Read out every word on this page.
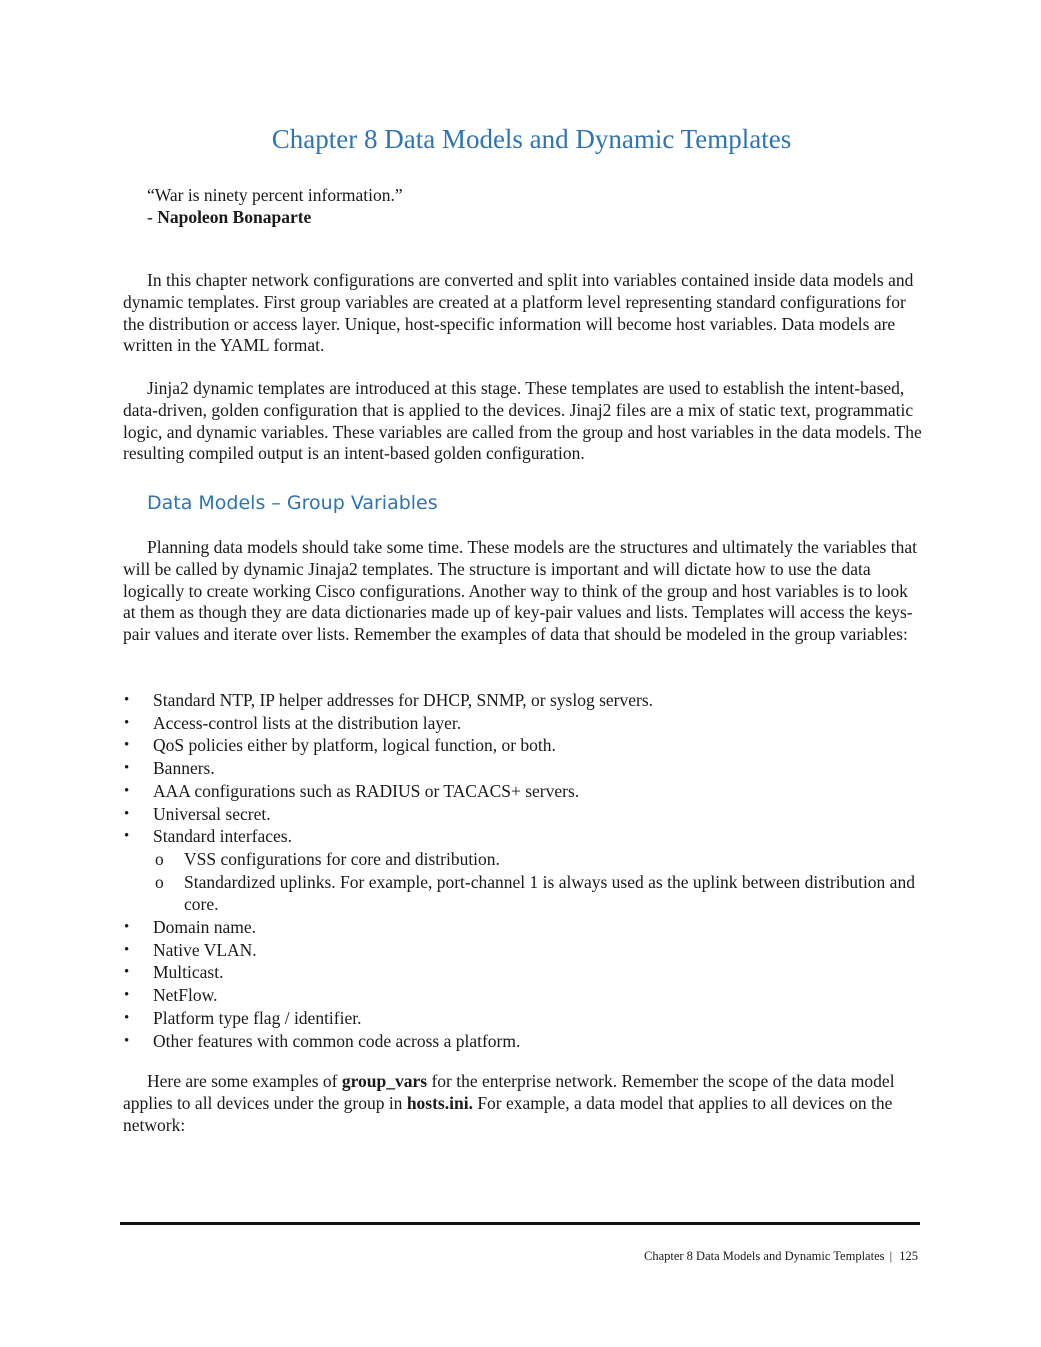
Chapter 8 Data Models and Dynamic Templates
“War is ninety percent information.”
- Napoleon Bonaparte

In this chapter network configurations are converted and split into variables contained inside data models and dynamic templates. First group variables are created at a platform level representing standard configurations for the distribution or access layer. Unique, host-specific information will become host variables. Data models are written in the YAML format.

Jinja2 dynamic templates are introduced at this stage. These templates are used to establish the intent-based, data-driven, golden configuration that is applied to the devices. Jinaj2 files are a mix of static text, programmatic logic, and dynamic variables. These variables are called from the group and host variables in the data models. The resulting compiled output is an intent-based golden configuration.

Data Models – Group Variables

Planning data models should take some time. These models are the structures and ultimately the variables that will be called by dynamic Jinaja2 templates. The structure is important and will dictate how to use the data logically to create working Cisco configurations. Another way to think of the group and host variables is to look at them as though they are data dictionaries made up of key-pair values and lists. Templates will access the keys-pair values and iterate over lists. Remember the examples of data that should be modeled in the group variables:

• Standard NTP, IP helper addresses for DHCP, SNMP, or syslog servers.
• Access-control lists at the distribution layer.
• QoS policies either by platform, logical function, or both.
• Banners.
• AAA configurations such as RADIUS or TACACS+ servers.
• Universal secret.
• Standard interfaces.
o VSS configurations for core and distribution.
o Standardized uplinks. For example, port-channel 1 is always used as the uplink between distribution and core.
• Domain name.
• Native VLAN.
• Multicast.
• NetFlow.
• Platform type flag / identifier.
• Other features with common code across a platform.

Here are some examples of group_vars for the enterprise network. Remember the scope of the data model applies to all devices under the group in hosts.ini. For example, a data model that applies to all devices on the network:

Chapter 8 Data Models and Dynamic Templates | 125
